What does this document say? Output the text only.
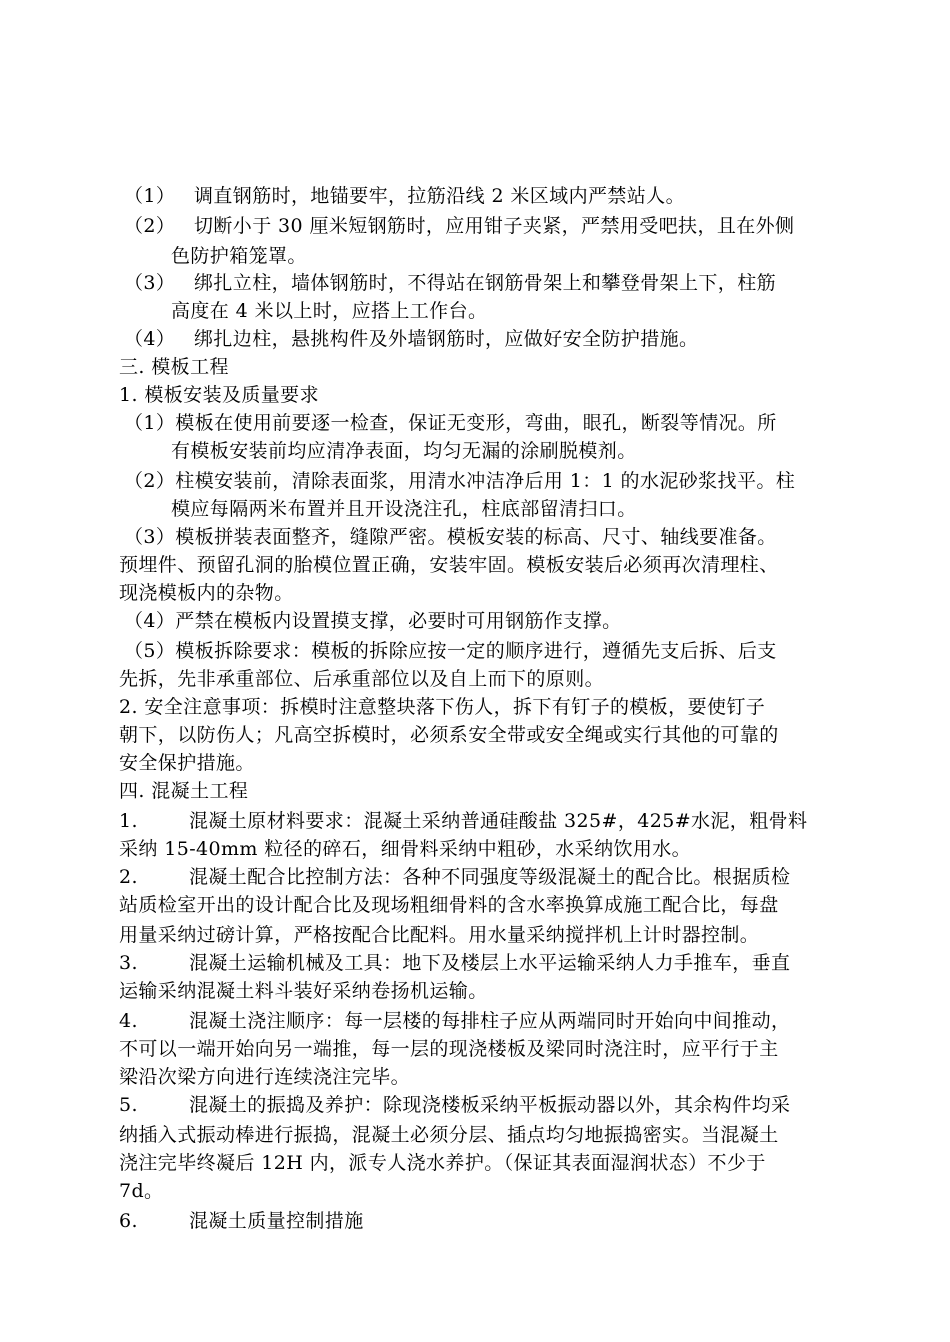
（1） 调直钢筋时，地锚要牢，拉筋沿线 2 米区域内严禁站人。
（2） 切断小于 30 厘米短钢筋时，应用钳子夹紧，严禁用受吧扶，且在外侧
色防护箱笼罩。
（3） 绑扎立柱，墙体钢筋时，不得站在钢筋骨架上和攀登骨架上下，柱筋
高度在 4 米以上时，应搭上工作台。
（4） 绑扎边柱，悬挑构件及外墙钢筋时，应做好安全防护措施。
三. 模板工程
1. 模板安装及质量要求
（1）模板在使用前要逐一检查，保证无变形，弯曲，眼孔，断裂等情况。所
有模板安装前均应清净表面，均匀无漏的涂刷脱模剂。
（2）柱模安装前，清除表面浆，用清水冲洁净后用 1：1 的水泥砂浆找平。柱
模应每隔两米布置并且开设浇注孔，柱底部留清扫口。
（3）模板拼装表面整齐，缝隙严密。模板安装的标高、尺寸、轴线要准备。
预埋件、预留孔洞的胎模位置正确，安装牢固。模板安装后必须再次清理柱、
现浇模板内的杂物。
（4）严禁在模板内设置摸支撑，必要时可用钢筋作支撑。
（5）模板拆除要求：模板的拆除应按一定的顺序进行，遵循先支后拆、后支
先拆，先非承重部位、后承重部位以及自上而下的原则。
2. 安全注意事项：拆模时注意整块落下伤人，拆下有钉子的模板，要使钉子
朝下，以防伤人；凡高空拆模时，必须系安全带或安全绳或实行其他的可靠的
安全保护措施。
四. 混凝土工程
1.	混凝土原材料要求：混凝土采纳普通硅酸盐 325#，425#水泥，粗骨料
采纳 15-40mm 粒径的碎石，细骨料采纳中粗砂，水采纳饮用水。
2.	混凝土配合比控制方法：各种不同强度等级混凝土的配合比。根据质检
站质检室开出的设计配合比及现场粗细骨料的含水率换算成施工配合比，每盘
用量采纳过磅计算，严格按配合比配料。用水量采纳搅拌机上计时器控制。
3.	混凝土运输机械及工具：地下及楼层上水平运输采纳人力手推车，垂直
运输采纳混凝土料斗装好采纳卷扬机运输。
4.	混凝土浇注顺序：每一层楼的每排柱子应从两端同时开始向中间推动，
不可以一端开始向另一端推，每一层的现浇楼板及梁同时浇注时，应平行于主
梁沿次梁方向进行连续浇注完毕。
5.	混凝土的振捣及养护：除现浇楼板采纳平板振动器以外，其余构件均采
纳插入式振动棒进行振捣，混凝土必须分层、插点均匀地振捣密实。当混凝土
浇注完毕终凝后 12H 内，派专人浇水养护。（保证其表面湿润状态）不少于
7d。
6.	混凝土质量控制措施
